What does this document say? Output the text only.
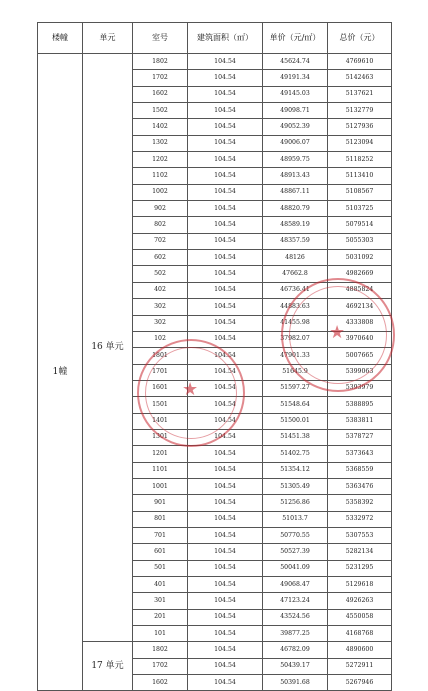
楼幢	单元	室号	建筑面积（㎡）	单价（元/㎡）	总价（元）
1幢	16 单元	1802	104.54	45624.74	4769610
		1702	104.54	49191.34	5142463
		1602	104.54	49145.03	5137621
		1502	104.54	49098.71	5132779
		1402	104.54	49052.39	5127936
		1302	104.54	49006.07	5123094
		1202	104.54	48959.75	5118252
		1102	104.54	48913.43	5113410
		1002	104.54	48867.11	5108567
		902	104.54	48820.79	5103725
		802	104.54	48589.19	5079514
		702	104.54	48357.59	5055303
		602	104.54	48126	5031092
		502	104.54	47662.8	4982669
		402	104.54	46736.41	4885824
		302	104.54	44883.63	4692134
		302	104.54	41455.98	4333808
		102	104.54	37982.07	3970640
		1801	104.54	47901.33	5007665
		1701	104.54	51645.9	5399063
		1601	104.54	51597.27	5393979
		1501	104.54	51548.64	5388895
		1401	104.54	51500.01	5383811
		1301	104.54	51451.38	5378727
		1201	104.54	51402.75	5373643
		1101	104.54	51354.12	5368559
		1001	104.54	51305.49	5363476
		901	104.54	51256.86	5358392
		801	104.54	51013.7	5332972
		701	104.54	50770.55	5307553
		601	104.54	50527.39	5282134
		501	104.54	50041.09	5231295
		401	104.54	49068.47	5129618
		301	104.54	47123.24	4926263
		201	104.54	43524.56	4550058
		101	104.54	39877.25	4168768
	17 单元	1802	104.54	46782.09	4890600
		1702	104.54	50439.17	5272911
		1602	104.54	50391.68	5267946
★
★
